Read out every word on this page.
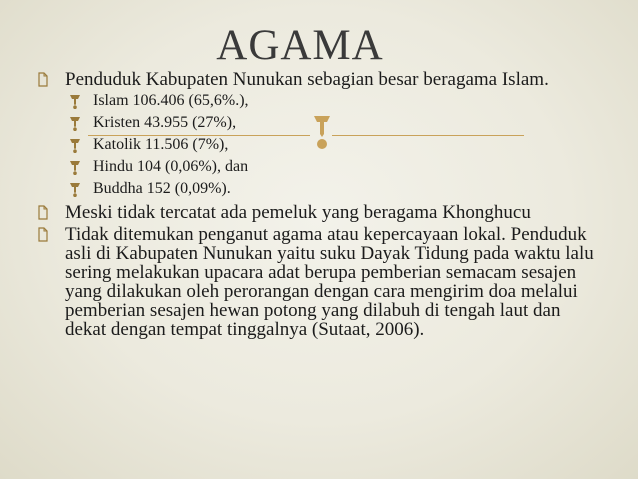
AGAMA
Penduduk Kabupaten Nunukan sebagian besar beragama Islam.
Islam 106.406 (65,6%.),
Kristen 43.955 (27%),
Katolik 11.506 (7%),
Hindu 104 (0,06%), dan
Buddha 152 (0,09%).
Meski tidak tercatat ada pemeluk yang beragama Khonghucu
Tidak ditemukan penganut agama atau kepercayaan lokal. Penduduk asli di Kabupaten Nunukan yaitu suku Dayak Tidung pada waktu lalu sering melakukan upacara adat berupa pemberian semacam sesajen yang dilakukan oleh perorangan dengan cara mengirim doa melalui pemberian sesajen hewan potong yang dilabuh di tengah laut dan dekat dengan tempat tinggalnya (Sutaat, 2006).
